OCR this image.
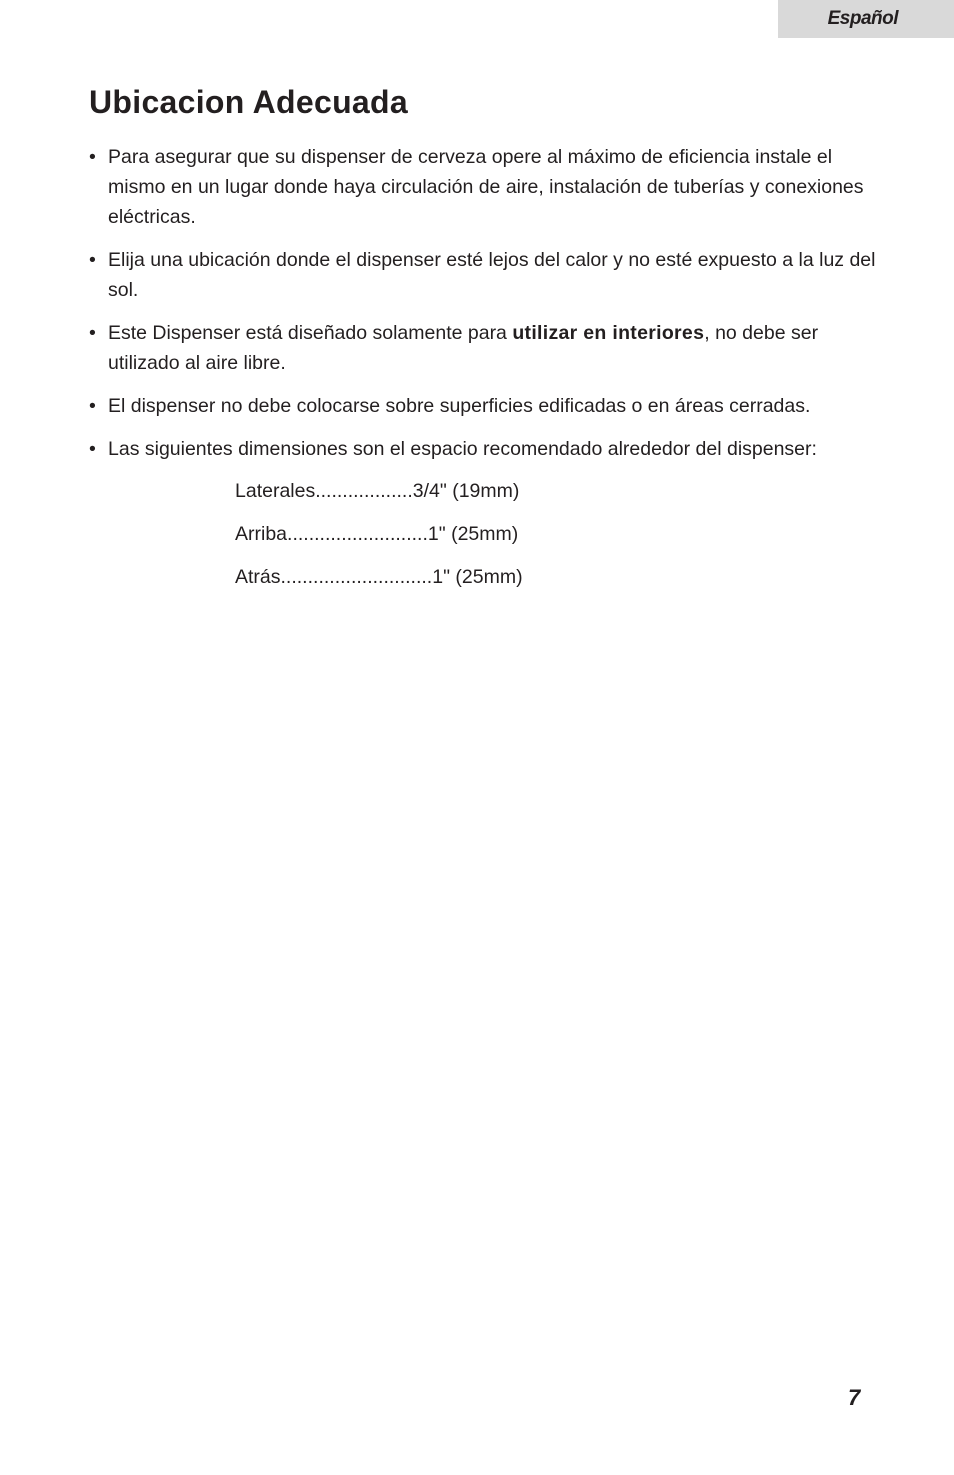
Español
Ubicacion Adecuada
• Para asegurar que su dispenser de cerveza opere al máximo de eficiencia instale el mismo en un lugar donde haya circulación de aire, instalación de tuberías y conexiones eléctricas.
• Elija una ubicación donde el dispenser esté lejos del calor y no esté expuesto a la luz del sol.
• Este Dispenser está diseñado solamente para utilizar en interiores, no debe ser utilizado al aire libre.
• El dispenser no debe colocarse sobre superficies edificadas o en áreas cerradas.
• Las siguientes dimensiones son el espacio recomendado alrededor del dispenser:
Laterales .................. 3/4" (19mm)
Arriba .......................... 1" (25mm)
Atrás ............................ 1" (25mm)
7
